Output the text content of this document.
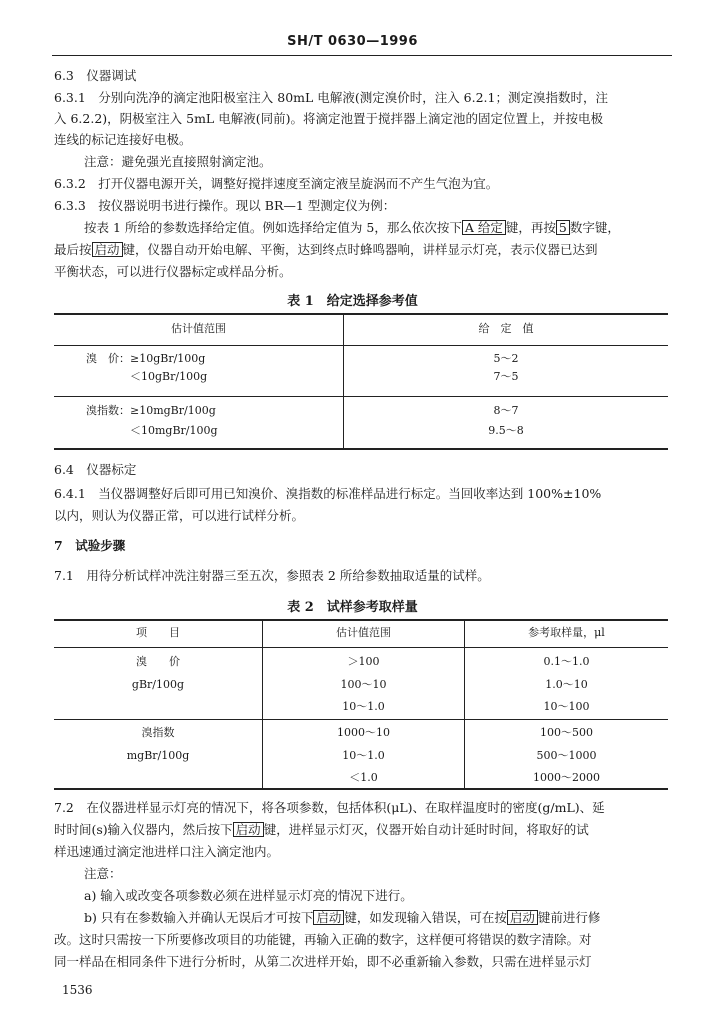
SH/T 0630—1996
6.3　仪器调试
6.3.1　分别向洗净的滴定池阳极室注入 80mL 电解液(测定溴价时，注入 6.2.1；测定溴指数时，注
入 6.2.2)，阴极室注入 5mL 电解液(同前)。将滴定池置于搅拌器上滴定池的固定位置上，并按电极
连线的标记连接好电极。
注意：避免强光直接照射滴定池。
6.3.2　打开仪器电源开关，调整好搅拌速度至滴定液呈旋涡而不产生气泡为宜。
6.3.3　按仪器说明书进行操作。现以 BR—1 型测定仪为例：
按表 1 所给的参数选择给定值。例如选择给定值为 5，那么依次按下 A 给定 键，再按 5 数字键，
最后按 启动 键，仪器自动开始电解、平衡，达到终点时蜂鸣器响，讲样显示灯亮，表示仪器已达到
平衡状态，可以进行仪器标定或样品分析。
表 1　给定选择参考值
估计值范围	给　定　值
溴　价：≥10gBr/100g	5～2
　　　　＜10gBr/100g	7～5
溴指数：≥10mgBr/100g	8～7
　　　　＜10mgBr/100g	9.5～8
6.4　仪器标定
6.4.1　当仪器调整好后即可用已知溴价、溴指数的标准样品进行标定。当回收率达到 100%±10%
以内，则认为仪器正常，可以进行试样分析。
7　试验步骤
7.1　用待分析试样冲洗注射器三至五次，参照表 2 所给参数抽取适量的试样。
表 2　试样参考取样量
项　　目	估计值范围	参考取样量，μl
溴　　价
gBr/100g
＞100	0.1～1.0
100～10	1.0～10
10～1.0	10～100
溴指数
mgBr/100g
1000～10	100～500
10～1.0	500～1000
＜1.0	1000～2000
7.2　在仪器进样显示灯亮的情况下，将各项参数，包括体积(μL)、在取样温度时的密度(g/mL)、延
时时间(s)输入仪器内，然后按下 启动 键，进样显示灯灭，仪器开始自动计延时时间，将取好的试
样迅速通过滴定池进样口注入滴定池内。
注意：
a) 输入或改变各项参数必须在进样显示灯亮的情况下进行。
b) 只有在参数输入并确认无误后才可按下 启动 键，如发现输入错误，可在按 启动 键前进行修
改。这时只需按一下所要修改项目的功能键，再输入正确的数字，这样便可将错误的数字清除。对
同一样品在相同条件下进行分析时，从第二次进样开始，即不必重新输入参数，只需在进样显示灯
1536
